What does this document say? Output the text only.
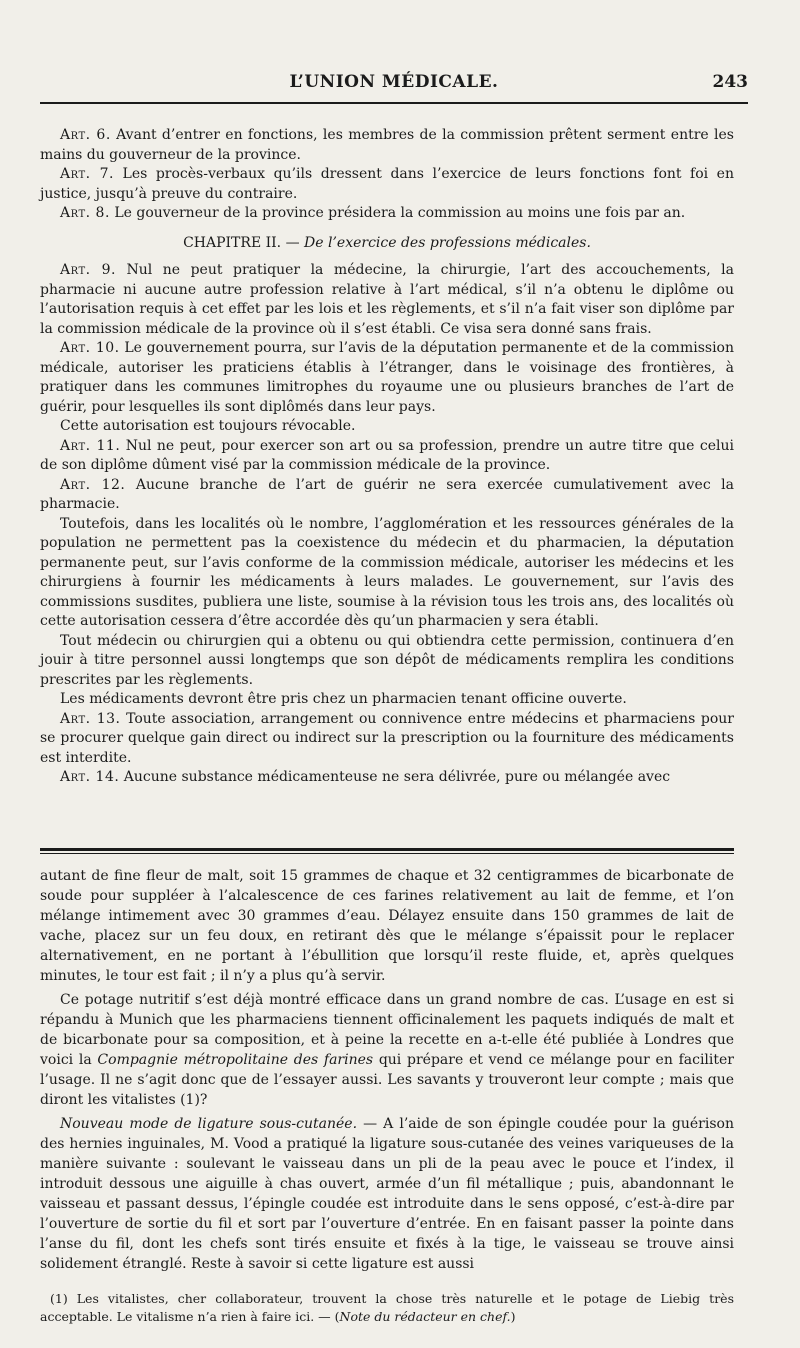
L’UNION MÉDICALE.	243

Art. 6. Avant d’entrer en fonctions, les membres de la commission prêtent serment entre les mains du gouverneur de la province.

Art. 7. Les procès-verbaux qu’ils dressent dans l’exercice de leurs fonctions font foi en justice, jusqu’à preuve du contraire.

Art. 8. Le gouverneur de la province présidera la commission au moins une fois par an.

CHAPITRE II. — De l’exercice des professions médicales.

Art. 9. Nul ne peut pratiquer la médecine, la chirurgie, l’art des accouchements, la pharmacie ni aucune autre profession relative à l’art médical, s’il n’a obtenu le diplôme ou l’autorisation requis à cet effet par les lois et les règlements, et s’il n’a fait viser son diplôme par la commission médicale de la province où il s’est établi. Ce visa sera donné sans frais.

Art. 10. Le gouvernement pourra, sur l’avis de la députation permanente et de la commission médicale, autoriser les praticiens établis à l’étranger, dans le voisinage des frontières, à pratiquer dans les communes limitrophes du royaume une ou plusieurs branches de l’art de guérir, pour lesquelles ils sont diplômés dans leur pays.

Cette autorisation est toujours révocable.

Art. 11. Nul ne peut, pour exercer son art ou sa profession, prendre un autre titre que celui de son diplôme dûment visé par la commission médicale de la province.

Art. 12. Aucune branche de l’art de guérir ne sera exercée cumulativement avec la pharmacie.

Toutefois, dans les localités où le nombre, l’agglomération et les ressources générales de la population ne permettent pas la coexistence du médecin et du pharmacien, la députation permanente peut, sur l’avis conforme de la commission médicale, autoriser les médecins et les chirurgiens à fournir les médicaments à leurs malades. Le gouvernement, sur l’avis des commissions susdites, publiera une liste, soumise à la révision tous les trois ans, des localités où cette autorisation cessera d’être accordée dès qu’un pharmacien y sera établi.

Tout médecin ou chirurgien qui a obtenu ou qui obtiendra cette permission, continuera d’en jouir à titre personnel aussi longtemps que son dépôt de médicaments remplira les conditions prescrites par les règlements.

Les médicaments devront être pris chez un pharmacien tenant officine ouverte.

Art. 13. Toute association, arrangement ou connivence entre médecins et pharmaciens pour se procurer quelque gain direct ou indirect sur la prescription ou la fourniture des médicaments est interdite.

Art. 14. Aucune substance médicamenteuse ne sera délivrée, pure ou mélangée avec

autant de fine fleur de malt, soit 15 grammes de chaque et 32 centigrammes de bicarbonate de soude pour suppléer à l’alcalescence de ces farines relativement au lait de femme, et l’on mélange intimement avec 30 grammes d’eau. Délayez ensuite dans 150 grammes de lait de vache, placez sur un feu doux, en retirant dès que le mélange s’épaissit pour le replacer alternativement, en ne portant à l’ébullition que lorsqu’il reste fluide, et, après quelques minutes, le tour est fait ; il n’y a plus qu’à servir.

Ce potage nutritif s’est déjà montré efficace dans un grand nombre de cas. L’usage en est si répandu à Munich que les pharmaciens tiennent officinalement les paquets indiqués de malt et de bicarbonate pour sa composition, et à peine la recette en a-t-elle été publiée à Londres que voici la Compagnie métropolitaine des farines qui prépare et vend ce mélange pour en faciliter l’usage. Il ne s’agit donc que de l’essayer aussi. Les savants y trouveront leur compte ; mais que diront les vitalistes (1)?

Nouveau mode de ligature sous-cutanée. — A l’aide de son épingle coudée pour la guérison des hernies inguinales, M. Vood a pratiqué la ligature sous-cutanée des veines variqueuses de la manière suivante : soulevant le vaisseau dans un pli de la peau avec le pouce et l’index, il introduit dessous une aiguille à chas ouvert, armée d’un fil métallique ; puis, abandonnant le vaisseau et passant dessus, l’épingle coudée est introduite dans le sens opposé, c’est-à-dire par l’ouverture de sortie du fil et sort par l’ouverture d’entrée. En en faisant passer la pointe dans l’anse du fil, dont les chefs sont tirés ensuite et fixés à la tige, le vaisseau se trouve ainsi solidement étranglé. Reste à savoir si cette ligature est aussi

(1) Les vitalistes, cher collaborateur, trouvent la chose très naturelle et le potage de Liebig très acceptable. Le vitalisme n’a rien à faire ici. — (Note du rédacteur en chef.)
